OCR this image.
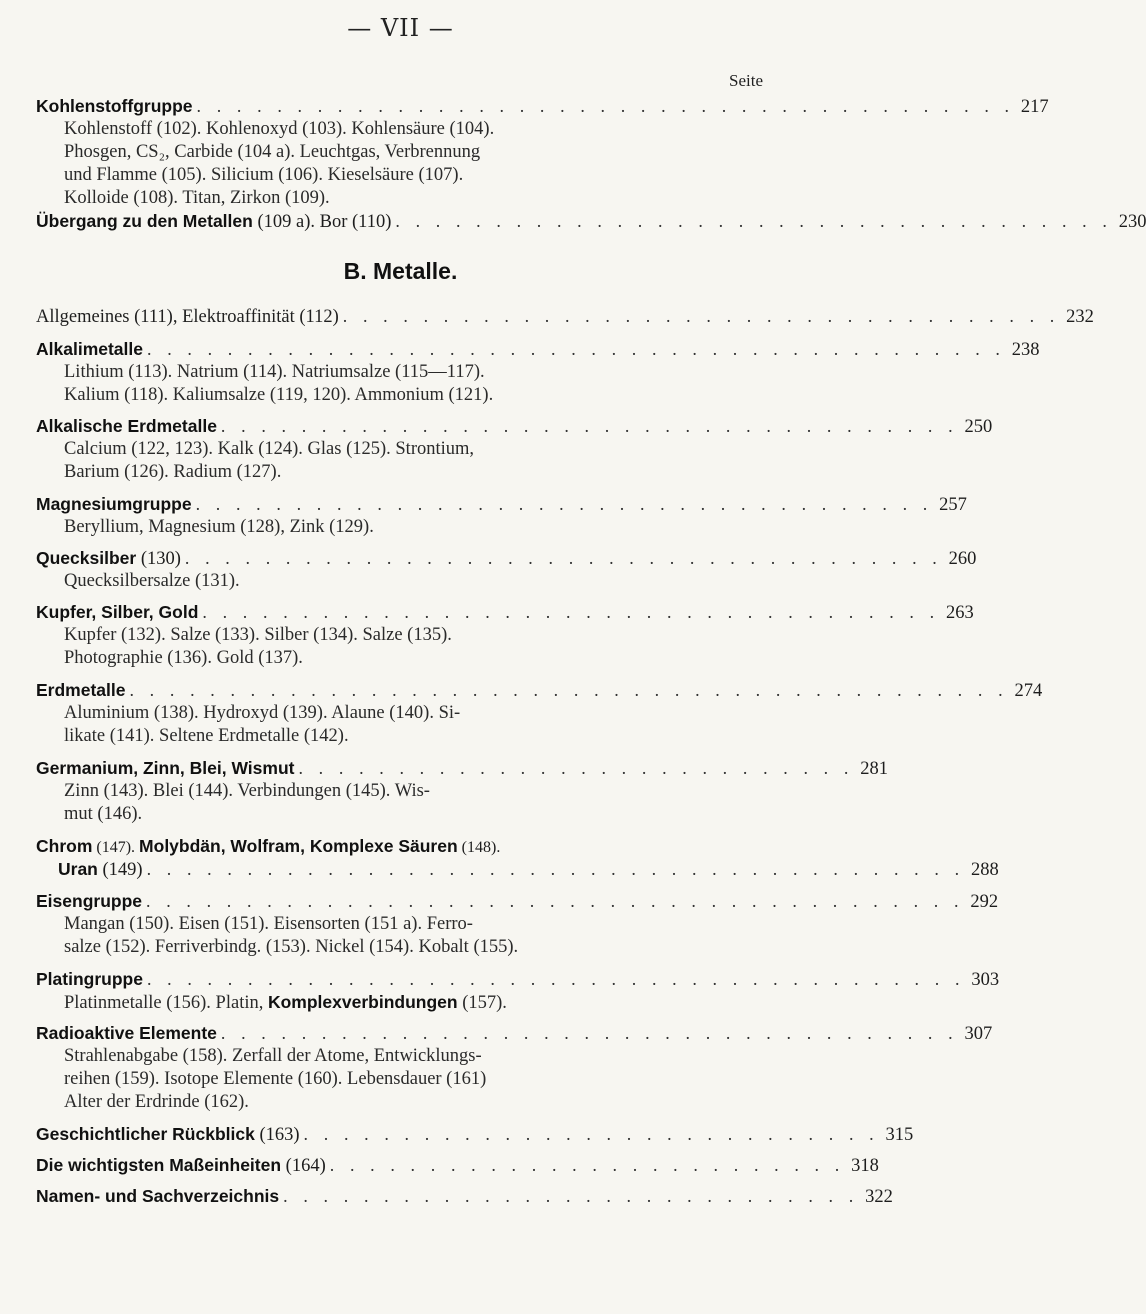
— VII —
Seite
Kohlenstoffgruppe . . . . . . . . . . . . . . . . . . . . . . . . . . . . . . . . . . . . . . . . . 217
Kohlenstoff (102). Kohlenoxyd (103). Kohlensäure (104).
Phosgen, CS₂, Carbide (104 a). Leuchtgas, Verbrennung
und Flamme (105). Silicium (106). Kieselsäure (107).
Kolloide (108). Titan, Zirkon (109).
Übergang zu den Metallen (109 a). Bor (110) . . . . . . . . . . . . . . . . . . . . . . . . . . . . . . . . . . . . 230
B. Metalle.
Allgemeines (111), Elektroaffinität (112) . . . . . . . . . . . . . . . . . . . . . . . . . . . . . . . . . . . . 232
Alkalimetalle . . . . . . . . . . . . . . . . . . . . . . . . . . . . . . . . . . . . . . . . . . . 238
Lithium (113). Natrium (114). Natriumsalze (115—117).
Kalium (118). Kaliumsalze (119, 120). Ammonium (121).
Alkalische Erdmetalle . . . . . . . . . . . . . . . . . . . . . . . . . . . . . . . . . . . . . 250
Calcium (122, 123). Kalk (124). Glas (125). Strontium,
Barium (126). Radium (127).
Magnesiumgruppe . . . . . . . . . . . . . . . . . . . . . . . . . . . . . . . . . . . . . 257
Beryllium, Magnesium (128), Zink (129).
Quecksilber (130) . . . . . . . . . . . . . . . . . . . . . . . . . . . . . . . . . . . . . . 260
Quecksilbersalze (131).
Kupfer, Silber, Gold . . . . . . . . . . . . . . . . . . . . . . . . . . . . . . . . . . . . . 263
Kupfer (132). Salze (133). Silber (134). Salze (135).
Photographie (136). Gold (137).
Erdmetalle . . . . . . . . . . . . . . . . . . . . . . . . . . . . . . . . . . . . . . . . . . . . 274
Aluminium (138). Hydroxyd (139). Alaune (140). Si-
likate (141). Seltene Erdmetalle (142).
Germanium, Zinn, Blei, Wismut . . . . . . . . . . . . . . . . . . . . . . . . . . . . 281
Zinn (143). Blei (144). Verbindungen (145). Wis-
mut (146).
Chrom (147). Molybdän, Wolfram, Komplexe Säuren (148).
Uran (149) . . . . . . . . . . . . . . . . . . . . . . . . . . . . . . . . . . . . . . . . . 288
Eisengruppe . . . . . . . . . . . . . . . . . . . . . . . . . . . . . . . . . . . . . . . . . 292
Mangan (150). Eisen (151). Eisensorten (151 a). Ferro-
salze (152). Ferriverbindg. (153). Nickel (154). Kobalt (155).
Platingruppe . . . . . . . . . . . . . . . . . . . . . . . . . . . . . . . . . . . . . . . . . 303
Platinmetalle (156). Platin, Komplexverbindungen (157).
Radioaktive Elemente . . . . . . . . . . . . . . . . . . . . . . . . . . . . . . . . . . . . . 307
Strahlenabgabe (158). Zerfall der Atome, Entwicklungs-
reihen (159). Isotope Elemente (160). Lebensdauer (161)
Alter der Erdrinde (162).
Geschichtlicher Rückblick (163) . . . . . . . . . . . . . . . . . . . . . . . . . . . . . 315
Die wichtigsten Maßeinheiten (164) . . . . . . . . . . . . . . . . . . . . . . . . . . 318
Namen- und Sachverzeichnis . . . . . . . . . . . . . . . . . . . . . . . . . . . . . 322
